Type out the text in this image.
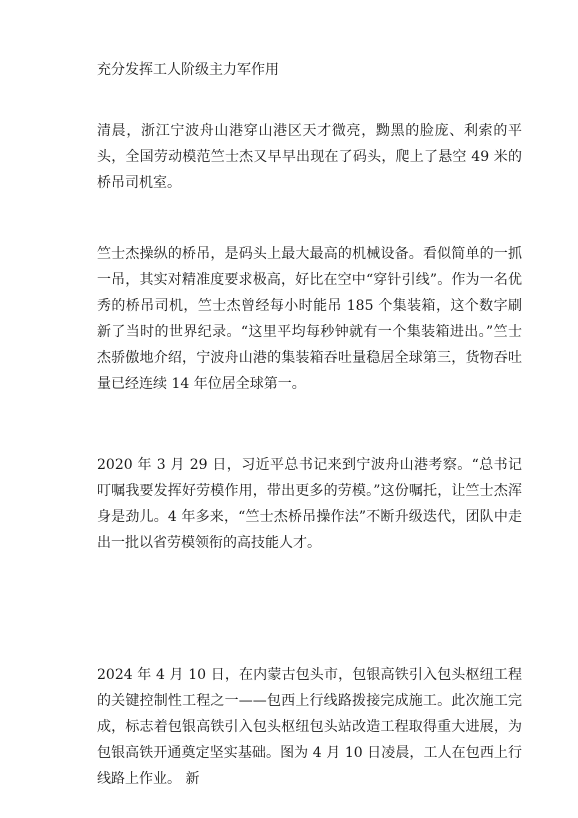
充分发挥工人阶级主力军作用

清晨，浙江宁波舟山港穿山港区天才微亮，黝黑的脸庞、利索的平头，全国劳动模范竺士杰又早早出现在了码头，爬上了悬空 49 米的桥吊司机室。

竺士杰操纵的桥吊，是码头上最大最高的机械设备。看似简单的一抓一吊，其实对精准度要求极高，好比在空中“穿针引线”。作为一名优秀的桥吊司机，竺士杰曾经每小时能吊 185 个集装箱，这个数字刷新了当时的世界纪录。“这里平均每秒钟就有一个集装箱进出。”竺士杰骄傲地介绍，宁波舟山港的集装箱吞吐量稳居全球第三，货物吞吐量已经连续 14 年位居全球第一。

2020 年 3 月 29 日，习近平总书记来到宁波舟山港考察。“总书记叮嘱我要发挥好劳模作用，带出更多的劳模。”这份嘱托，让竺士杰浑身是劲儿。4 年多来，“竺士杰桥吊操作法”不断升级迭代，团队中走出一批以省劳模领衔的高技能人才。

2024 年 4 月 10 日，在内蒙古包头市，包银高铁引入包头枢纽工程的关键控制性工程之一——包西上行线路拨接完成施工。此次施工完成，标志着包银高铁引入包头枢纽包头站改造工程取得重大进展，为包银高铁开通奠定坚实基础。图为 4 月 10 日凌晨，工人在包西上行线路上作业。 新
